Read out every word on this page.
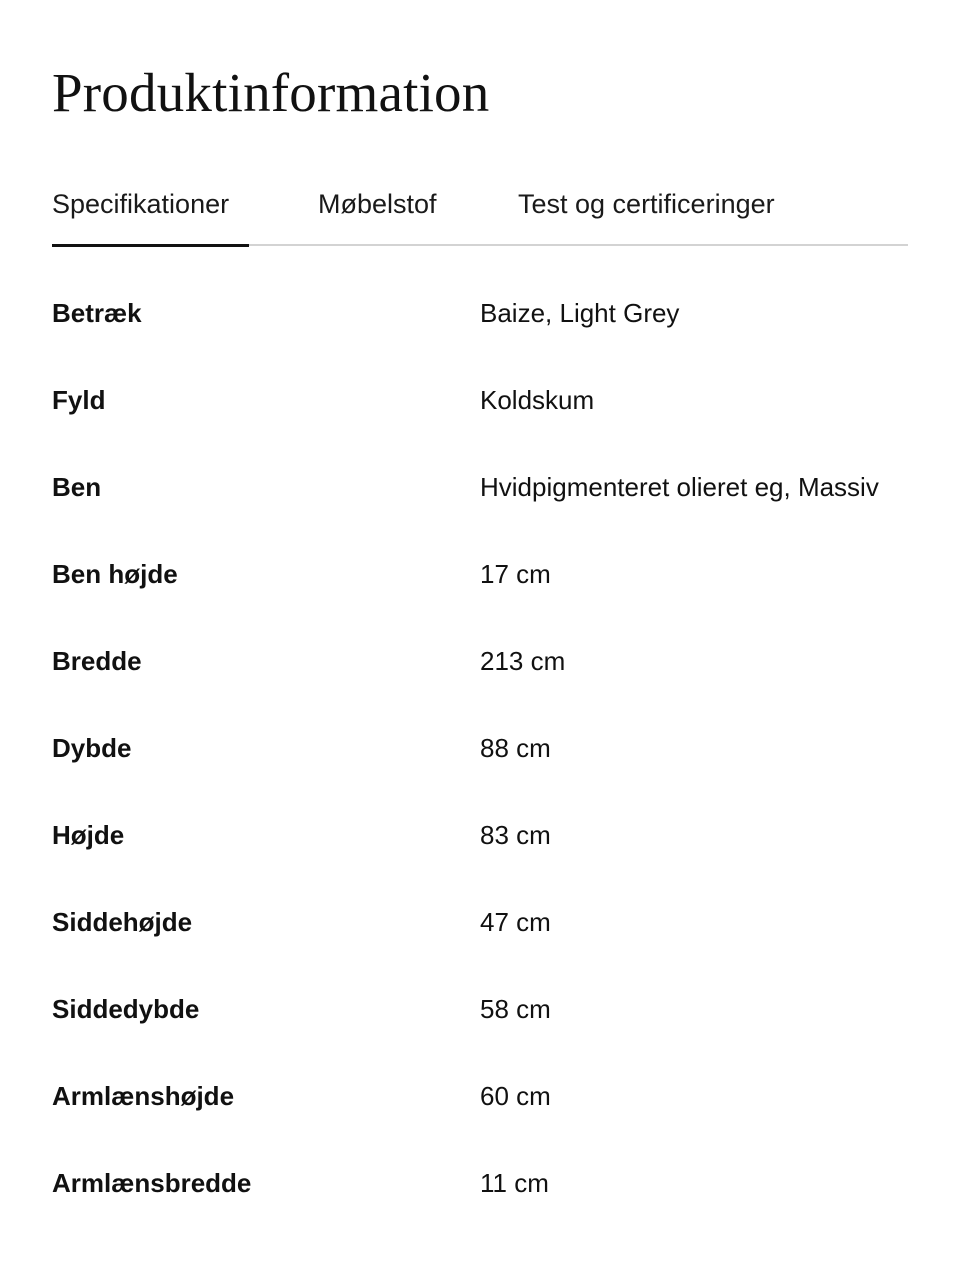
Produktinformation
Specifikationer	Møbelstof	Test og certificeringer
Betræk	Baize, Light Grey
Fyld	Koldskum
Ben	Hvidpigmenteret olieret eg, Massiv
Ben højde	17 cm
Bredde	213 cm
Dybde	88 cm
Højde	83 cm
Siddehøjde	47 cm
Siddedybde	58 cm
Armlænshøjde	60 cm
Armlænsbredde	11 cm
